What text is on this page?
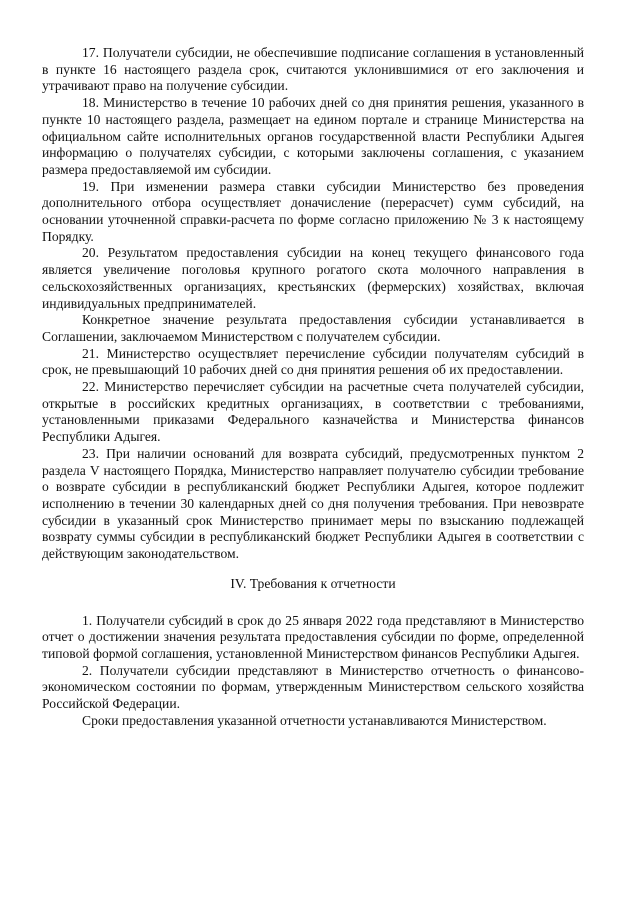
17. Получатели субсидии, не обеспечившие подписание соглашения в установленный в пункте 16 настоящего раздела срок, считаются уклонившимися от его заключения и утрачивают право на получение субсидии.

18. Министерство в течение 10 рабочих дней со дня принятия решения, указанного в пункте 10 настоящего раздела, размещает на едином портале и странице Министерства на официальном сайте исполнительных органов государственной власти Республики Адыгея информацию о получателях субсидии, с которыми заключены соглашения, с указанием размера предоставляемой им субсидии.

19. При изменении размера ставки субсидии Министерство без проведения дополнительного отбора осуществляет доначисление (перерасчет) сумм субсидий, на основании уточненной справки-расчета по форме согласно приложению № 3 к настоящему Порядку.

20. Результатом предоставления субсидии на конец текущего финансового года является увеличение поголовья крупного рогатого скота молочного направления в сельскохозяйственных организациях, крестьянских (фермерских) хозяйствах, включая индивидуальных предпринимателей.

Конкретное значение результата предоставления субсидии устанавливается в Соглашении, заключаемом Министерством с получателем субсидии.

21. Министерство осуществляет перечисление субсидии получателям субсидий в срок, не превышающий 10 рабочих дней со дня принятия решения об их предоставлении.

22. Министерство перечисляет субсидии на расчетные счета получателей субсидии, открытые в российских кредитных организациях, в соответствии с требованиями, установленными приказами Федерального казначейства и Министерства финансов Республики Адыгея.

23. При наличии оснований для возврата субсидий, предусмотренных пунктом 2 раздела V настоящего Порядка, Министерство направляет получателю субсидии требование о возврате субсидии в республиканский бюджет Республики Адыгея, которое подлежит исполнению в течении 30 календарных дней со дня получения требования. При невозврате субсидии в указанный срок Министерство принимает меры по взысканию подлежащей возврату суммы субсидии в республиканский бюджет Республики Адыгея в соответствии с действующим законодательством.

IV. Требования к отчетности

1. Получатели субсидий в срок до 25 января 2022 года представляют в Министерство отчет о достижении значения результата предоставления субсидии по форме, определенной типовой формой соглашения, установленной Министерством финансов Республики Адыгея.

2. Получатели субсидии представляют в Министерство отчетность о финансово-экономическом состоянии по формам, утвержденным Министерством сельского хозяйства Российской Федерации.

Сроки предоставления указанной отчетности устанавливаются Министерством.
